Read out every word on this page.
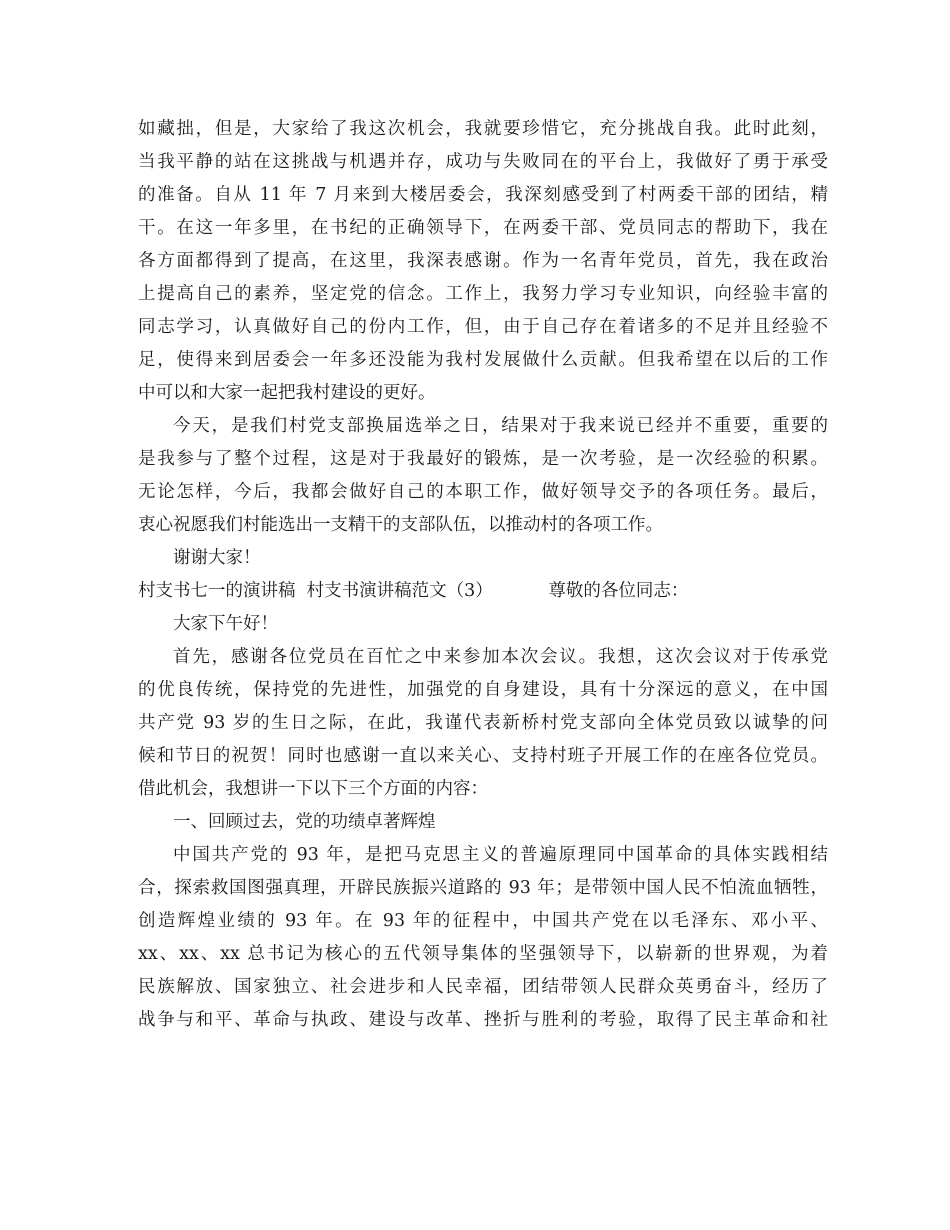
如藏拙，但是，大家给了我这次机会，我就要珍惜它，充分挑战自我。此时此刻，
当我平静的站在这挑战与机遇并存，成功与失败同在的平台上，我做好了勇于承受
的准备。自从 11 年 7 月来到大楼居委会，我深刻感受到了村两委干部的团结，精
干。在这一年多里，在书纪的正确领导下，在两委干部、党员同志的帮助下，我在
各方面都得到了提高，在这里，我深表感谢。作为一名青年党员，首先，我在政治
上提高自己的素养，坚定党的信念。工作上，我努力学习专业知识，向经验丰富的
同志学习，认真做好自己的份内工作，但，由于自己存在着诸多的不足并且经验不
足，使得来到居委会一年多还没能为我村发展做什么贡献。但我希望在以后的工作
中可以和大家一起把我村建设的更好。
今天，是我们村党支部换届选举之日，结果对于我来说已经并不重要，重要的
是我参与了整个过程，这是对于我最好的锻炼，是一次考验，是一次经验的积累。
无论怎样，今后，我都会做好自己的本职工作，做好领导交予的各项任务。最后，
衷心祝愿我们村能选出一支精干的支部队伍，以推动村的各项工作。
谢谢大家！
村支书七一的演讲稿  村支书演讲稿范文（3）          尊敬的各位同志：
大家下午好！
首先，感谢各位党员在百忙之中来参加本次会议。我想，这次会议对于传承党
的优良传统，保持党的先进性，加强党的自身建设，具有十分深远的意义，在中国
共产党 93 岁的生日之际，在此，我谨代表新桥村党支部向全体党员致以诚挚的问
候和节日的祝贺！同时也感谢一直以来关心、支持村班子开展工作的在座各位党员。
借此机会，我想讲一下以下三个方面的内容：
一、回顾过去，党的功绩卓著辉煌
中国共产党的 93 年，是把马克思主义的普遍原理同中国革命的具体实践相结
合，探索救国图强真理，开辟民族振兴道路的 93 年；是带领中国人民不怕流血牺牲，
创造辉煌业绩的 93 年。在 93 年的征程中，中国共产党在以毛泽东、邓小平、
xx、xx、xx 总书记为核心的五代领导集体的坚强领导下，以崭新的世界观，为着
民族解放、国家独立、社会进步和人民幸福，团结带领人民群众英勇奋斗，经历了
战争与和平、革命与执政、建设与改革、挫折与胜利的考验，取得了民主革命和社
